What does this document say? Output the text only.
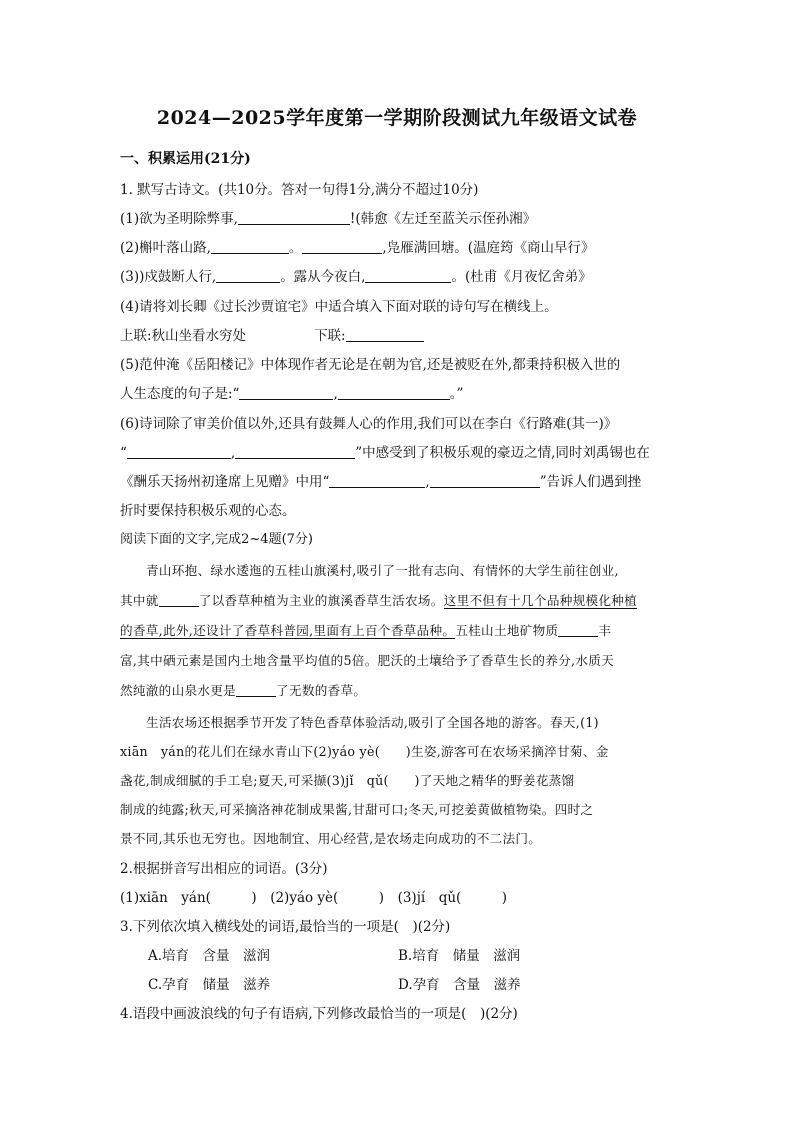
2024—2025学年度第一学期阶段测试九年级语文试卷
一、积累运用(21分)
1. 默写古诗文。(共10分。答对一句得1分,满分不超过10分)
(1)欲为圣明除弊事,	!(韩愈《左迁至蓝关示侄孙湘》
(2)槲叶落山路,	。	,凫雁满回塘。(温庭筠《商山早行》
(3))戍鼓断人行,	。露从今夜白,	。(杜甫《月夜忆舍弟》
(4)请将刘长卿《过长沙贾谊宅》中适合填入下面对联的诗句写在横线上。
上联:秋山坐看水穷处	下联:
(5)范仲淹《岳阳楼记》中体现作者无论是在朝为官,还是被贬在外,都秉持积极入世的
人生态度的句子是:“	,	。”
(6)诗词除了审美价值以外,还具有鼓舞人心的作用,我们可以在李白《行路难(其一)》
“	,	”中感受到了积极乐观的豪迈之情,同时刘禹锡也在
《酬乐天扬州初逢席上见赠》中用“	,	”告诉人们遇到挫
折时要保持积极乐观的心态。
阅读下面的文字,完成2~4题(7分)
青山环抱、绿水逶迤的五桂山旗溪村,吸引了一批有志向、有情怀的大学生前往创业,
其中就	了以香草种植为主业的旗溪香草生活农场。这里不但有十几个品种规模化种植
的香草,此外,还设计了香草科普园,里面有上百个香草品种。五桂山土地矿物质	丰
富,其中硒元素是国内土地含量平均值的5倍。肥沃的土壤给予了香草生长的养分,水质天
然纯澈的山泉水更是	了无数的香草。
生活农场还根据季节开发了特色香草体验活动,吸引了全国各地的游客。春天,(1)
xiān　yán的花儿们在绿水青山下(2)yáo yè(　　)生姿,游客可在农场采摘淬甘菊、金
盏花,制成细腻的手工皂;夏天,可采撷(3)jǐ　qǔ(　　)了天地之精华的野姜花蒸馏
制成的纯露;秋天,可采摘洛神花制成果酱,甘甜可口;冬天,可挖姜黄做植物染。四时之
景不同,其乐也无穷也。因地制宜、用心经营,是农场走向成功的不二法门。
2.根据拼音写出相应的词语。(3分)
(1)xiān　yán(　　　)　(2)yáo yè(　　　)　(3)jí　qǔ(　　　)
3.下列依次填入横线处的词语,最恰当的一项是(　)(2分)
A.培育　含量　滋润	B.培育　储量　滋润
C.孕育　储量　滋养	D.孕育　含量　滋养
4.语段中画波浪线的句子有语病,下列修改最恰当的一项是(　)(2分)
